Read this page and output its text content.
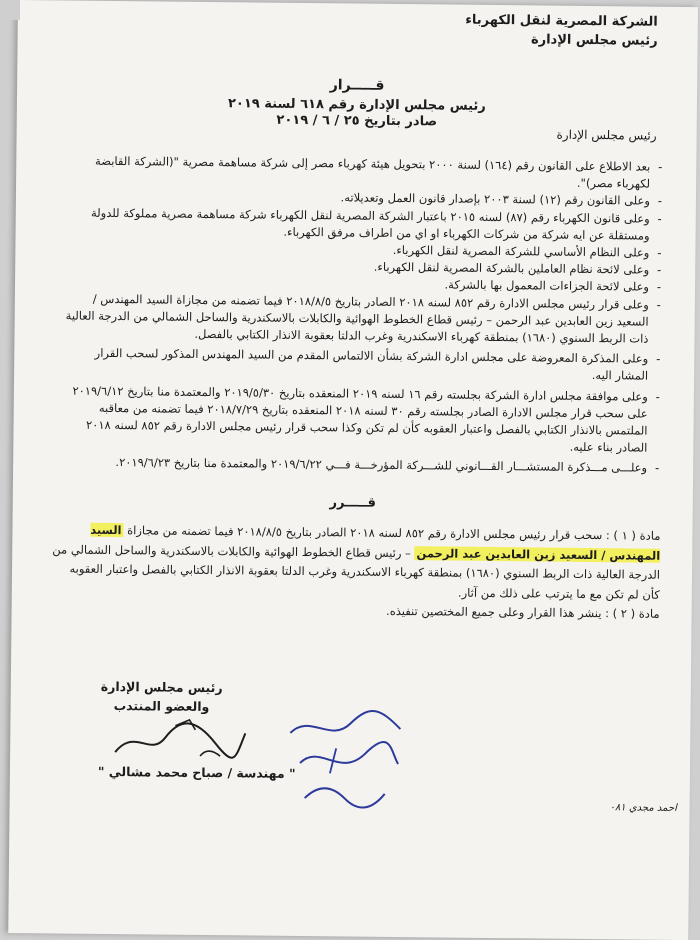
الشركة المصرية لنقل الكهرباء
رئيس مجلس الإدارة
قـــــرار
رئيس مجلس الإدارة رقم ٦١٨ لسنة ٢٠١٩
صادر بتاريخ ٢٥ / ٦ / ٢٠١٩
رئيس مجلس الإدارة

- بعد الاطلاع على القانون رقم (١٦٤) لسنة ٢٠٠٠ بتحويل هيئة كهرباء مصر إلى شركة مساهمة مصرية "(الشركة القابضة لكهرباء مصر)".

- وعلى القانون رقم (١٢) لسنة ٢٠٠٣ بإصدار قانون العمل وتعديلاته.

- وعلى قانون الكهرباء رقم (٨٧) لسنه ٢٠١٥ باعتبار الشركة المصرية لنقل الكهرباء شركة مساهمة مصرية مملوكة للدولة ومستقلة عن ايه شركة من شركات الكهرباء او اي من اطراف مرفق الكهرباء.

- وعلى النظام الأساسي للشركة المصرية لنقل الكهرباء.

- وعلى لائحة نظام العاملين بالشركة المصرية لنقل الكهرباء.

- وعلى لائحة الجزاءات المعمول بها بالشركة.

- وعلى قرار رئيس مجلس الادارة رقم ٨٥٢ لسنه ٢٠١٨ الصادر بتاريخ ٢٠١٨/٨/٥ فيما تضمنه من مجازاة السيد المهندس / السعيد زين العابدين عبد الرحمن – رئيس قطاع الخطوط الهوائية والكابلات بالاسكندرية والساحل الشمالي من الدرجة العالية ذات الربط السنوي (١٦٨٠) بمنطقة كهرباء الاسكندرية وغرب الدلتا بعقوبة الانذار الكتابي بالفصل.

- وعلى المذكرة المعروضة على مجلس ادارة الشركة بشأن الالتماس المقدم من السيد المهندس المذكور لسحب القرار المشار اليه.

- وعلى موافقة مجلس ادارة الشركة بجلسته رقم ١٦ لسنه ٢٠١٩ المنعقده بتاريخ ٢٠١٩/٥/٣٠ والمعتمدة منا بتاريخ ٢٠١٩/٦/١٢ على سحب قرار مجلس الادارة الصادر بجلسته رقم ٣٠ لسنه ٢٠١٨ المنعقده بتاريخ ٢٠١٨/٧/٢٩ فيما تضمنه من معاقبه الملتمس بالانذار الكتابي بالفصل واعتبار العقوبه كأن لم تكن وكذا سحب قرار رئيس مجلس الادارة رقم ٨٥٢ لسنه ٢٠١٨ الصادر بناء عليه.

- وعلـــى مـــذكرة المستشـــار القـــانوني للشـــركة المؤرخـــة فـــي ٢٠١٩/٦/٢٢ والمعتمدة منا بتاريخ ٢٠١٩/٦/٢٣.

قـــــرر

مادة ( ١ ) : سحب قرار رئيس مجلس الادارة رقم ٨٥٢ لسنه ٢٠١٨ الصادر بتاريخ ٢٠١٨/٨/٥ فيما تضمنه من مجازاة السيد المهندس / السعيد زين العابدين عبد الرحمن – رئيس قطاع الخطوط الهوائية والكابلات بالاسكندرية والساحل الشمالي من الدرجة العالية ذات الربط السنوي (١٦٨٠) بمنطقة كهرباء الاسكندرية وغرب الدلتا بعقوبة الانذار الكتابي بالفصل واعتبار العقوبه كأن لم تكن مع ما يترتب على ذلك من آثار.

مادة ( ٢ ) : ينشر هذا القرار وعلى جميع المختصين تنفيذه.

رئيس مجلس الإدارة
والعضو المنتدب
" مهندسة / صباح محمد مشالي "
احمد مجدي ٠٨١
